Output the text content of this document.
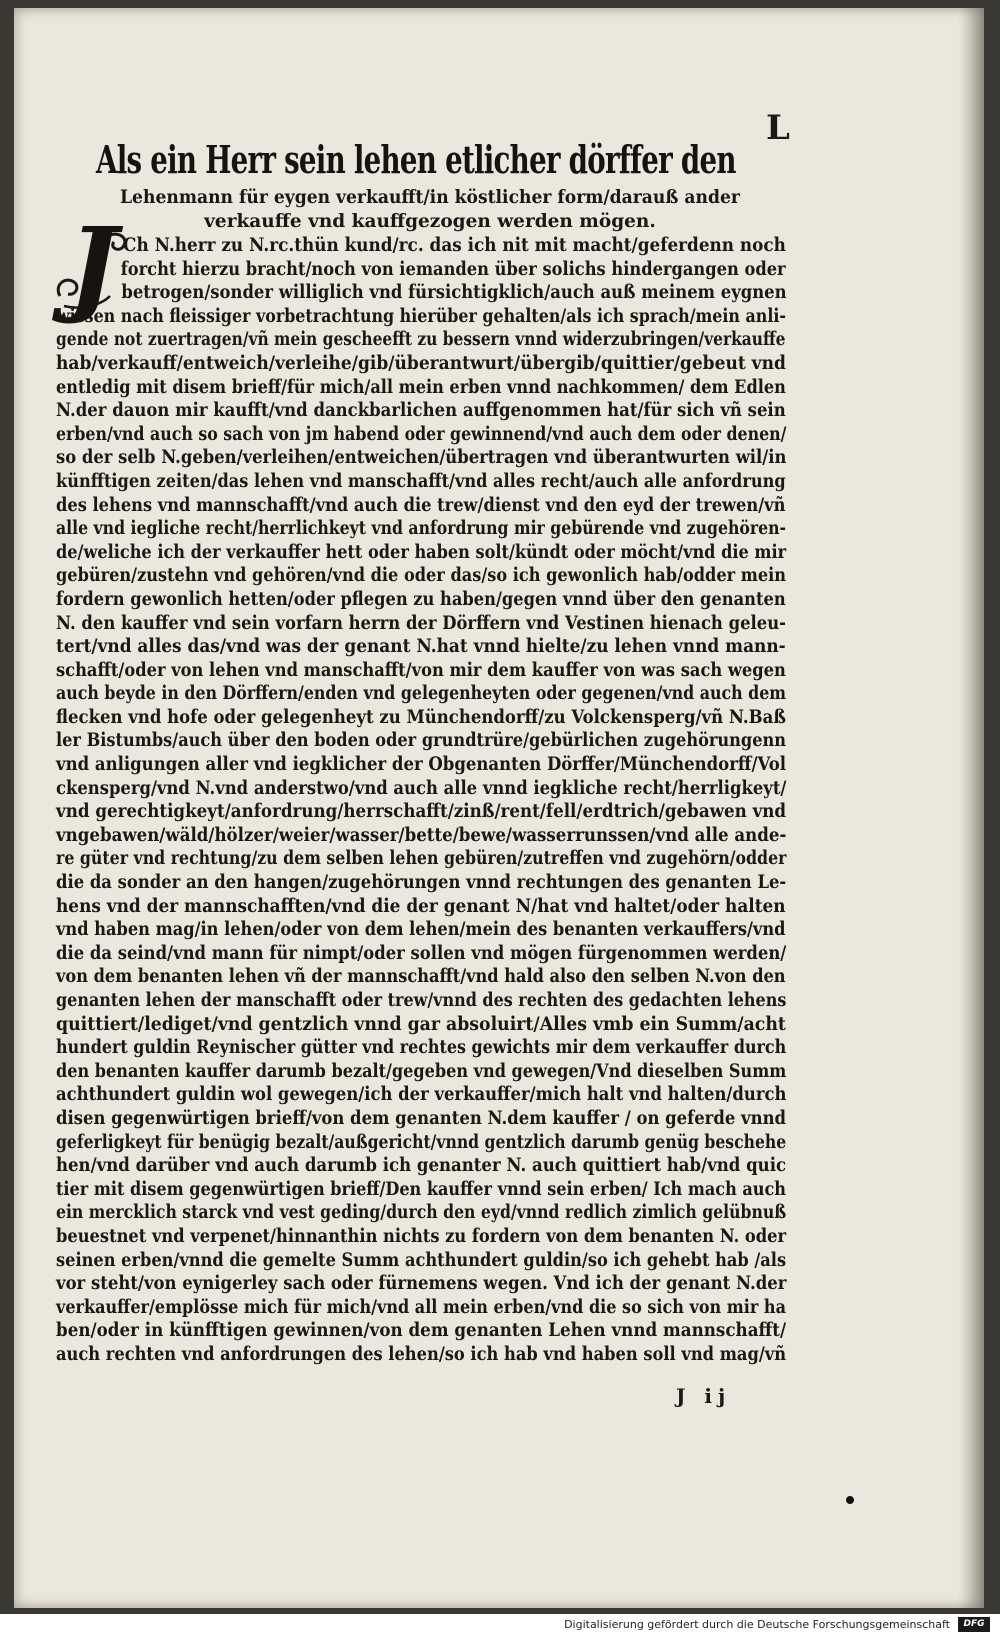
L
Als ein Herr sein lehen etlicher dörffer den
Lehenmann für eygen verkaufft/in köstlicher form/darauß ander
verkauffe vnd kauffgezogen werden mögen.
J Ch N.herr zu N.rc.thün kund/rc. das ich nit mit macht/geferdenn noch
forcht hierzu bracht/noch von iemanden über solichs hindergangen oder
betrogen/sonder williglich vnd fürsichtigklich/auch auß meinem eygnen
wissen nach fleissiger vorbetrachtung hierüber gehalten/als ich sprach/mein anli-
gende not zuertragen/vñ mein gescheefft zu bessern vnnd widerzubringen/verkauffe
hab/verkauff/entweich/verleihe/gib/überantwurt/übergib/quittier/gebeut vnd
entledig mit disem brieff/für mich/all mein erben vnnd nachkommen/ dem Edlen
N.der dauon mir kaufft/vnd danckbarlichen auffgenommen hat/für sich vñ sein
erben/vnd auch so sach von jm habend oder gewinnend/vnd auch dem oder denen/
so der selb N.geben/verleihen/entweichen/übertragen vnd überantwurten wil/in
künfftigen zeiten/das lehen vnd manschafft/vnd alles recht/auch alle anfordrung
des lehens vnd mannschafft/vnd auch die trew/dienst vnd den eyd der trewen/vñ
alle vnd iegliche recht/herrlichkeyt vnd anfordrung mir gebürende vnd zugehören-
de/weliche ich der verkauffer hett oder haben solt/kündt oder möcht/vnd die mir
gebüren/zustehn vnd gehören/vnd die oder das/so ich gewonlich hab/odder mein
fordern gewonlich hetten/oder pflegen zu haben/gegen vnnd über den genanten
N. den kauffer vnd sein vorfarn herrn der Dörffern vnd Vestinen hienach geleu-
tert/vnd alles das/vnd was der genant N.hat vnnd hielte/zu lehen vnnd mann-
schafft/oder von lehen vnd manschafft/von mir dem kauffer von was sach wegen
auch beyde in den Dörffern/enden vnd gelegenheyten oder gegenen/vnd auch dem
flecken vnd hofe oder gelegenheyt zu Münchendorff/zu Volckensperg/vñ N.Baß
ler Bistumbs/auch über den boden oder grundtrüre/gebürlichen zugehörungenn
vnd anligungen aller vnd iegklicher der Obgenanten Dörffer/Münchendorff/Vol
ckensperg/vnd N.vnd anderstwo/vnd auch alle vnnd iegkliche recht/herrligkeyt/
vnd gerechtigkeyt/anfordrung/herrschafft/zinß/rent/fell/erdtrich/gebawen vnd
vngebawen/wäld/hölzer/weier/wasser/bette/bewe/wasserrunssen/vnd alle ande-
re güter vnd rechtung/zu dem selben lehen gebüren/zutreffen vnd zugehörn/odder
die da sonder an den hangen/zugehörungen vnnd rechtungen des genanten Le-
hens vnd der mannschafften/vnd die der genant N/hat vnd haltet/oder halten
vnd haben mag/in lehen/oder von dem lehen/mein des benanten verkauffers/vnd
die da seind/vnd mann für nimpt/oder sollen vnd mögen fürgenommen werden/
von dem benanten lehen vñ der mannschafft/vnd hald also den selben N.von den
genanten lehen der manschafft oder trew/vnnd des rechten des gedachten lehens
quittiert/lediget/vnd gentzlich vnnd gar absoluirt/Alles vmb ein Summ/acht
hundert guldin Reynischer gütter vnd rechtes gewichts mir dem verkauffer durch
den benanten kauffer darumb bezalt/gegeben vnd gewegen/Vnd dieselben Summ
achthundert guldin wol gewegen/ich der verkauffer/mich halt vnd halten/durch
disen gegenwürtigen brieff/von dem genanten N.dem kauffer / on geferde vnnd
geferligkeyt für benügig bezalt/außgericht/vnnd gentzlich darumb genüg beschehe
hen/vnd darüber vnd auch darumb ich genanter N. auch quittiert hab/vnd quic
tier mit disem gegenwürtigen brieff/Den kauffer vnnd sein erben/ Ich mach auch
ein mercklich starck vnd vest geding/durch den eyd/vnnd redlich zimlich gelübnuß
beuestnet vnd verpenet/hinnanthin nichts zu fordern von dem benanten N. oder
seinen erben/vnnd die gemelte Summ achthundert guldin/so ich gehebt hab /als
vor steht/von eynigerley sach oder fürnemens wegen. Vnd ich der genant N.der
verkauffer/emplösse mich für mich/vnd all mein erben/vnd die so sich von mir ha
ben/oder in künfftigen gewinnen/von dem genanten Lehen vnnd mannschafft/
auch rechten vnd anfordrungen des lehen/so ich hab vnd haben soll vnd mag/vñ
J ij
Digitalisierung gefördert durch die Deutsche Forschungsgemeinschaft	DFG
